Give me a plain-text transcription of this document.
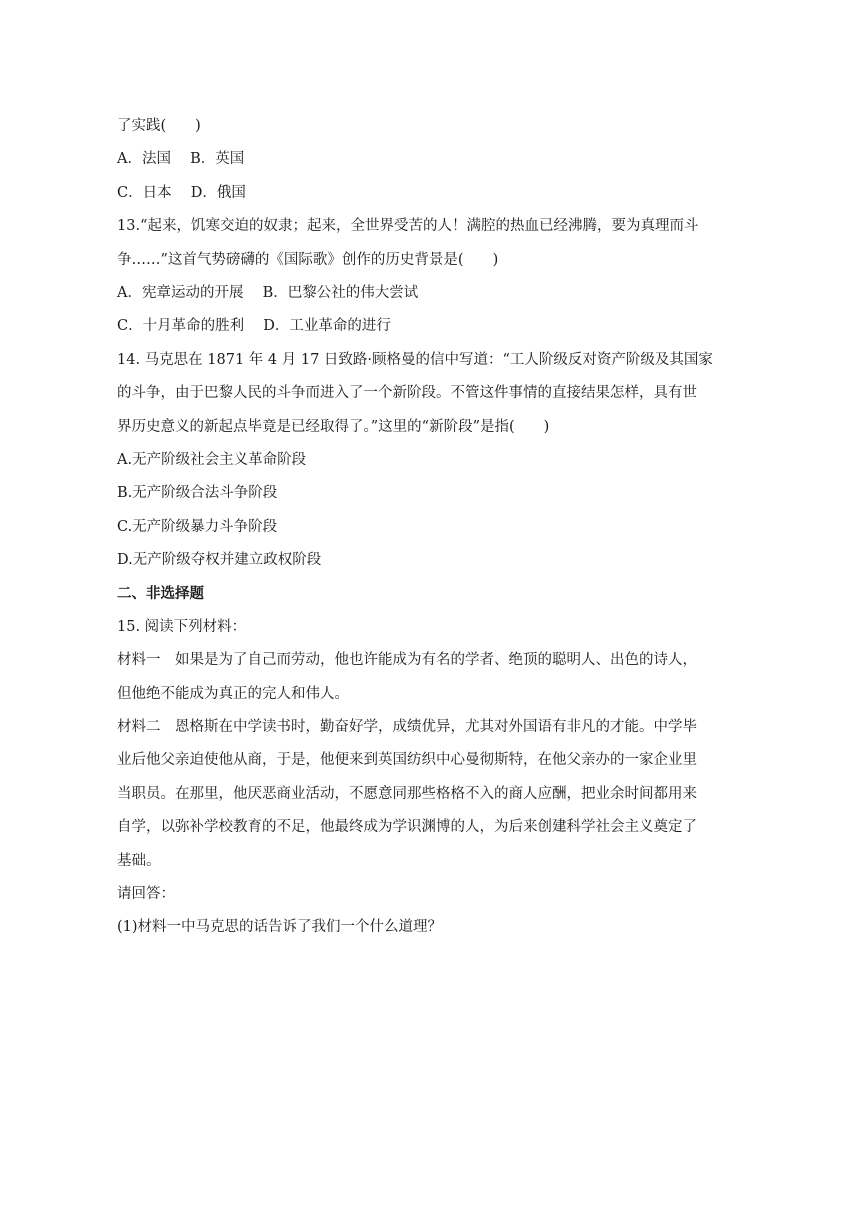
了实践(　　)
A．法国　 B．英国
C．日本　 D．俄国
13.“起来，饥寒交迫的奴隶；起来，全世界受苦的人！满腔的热血已经沸腾，要为真理而斗
争……”这首气势磅礴的《国际歌》创作的历史背景是(　　)
A．宪章运动的开展　 B．巴黎公社的伟大尝试
C．十月革命的胜利　 D．工业革命的进行
14. 马克思在 1871 年 4 月 17 日致路·顾格曼的信中写道：“工人阶级反对资产阶级及其国家
的斗争，由于巴黎人民的斗争而进入了一个新阶段。不管这件事情的直接结果怎样，具有世
界历史意义的新起点毕竟是已经取得了。”这里的“新阶段”是指(　　)
A.无产阶级社会主义革命阶段
B.无产阶级合法斗争阶段
C.无产阶级暴力斗争阶段
D.无产阶级夺权并建立政权阶段
二、非选择题
15. 阅读下列材料：
材料一　如果是为了自己而劳动，他也许能成为有名的学者、绝顶的聪明人、出色的诗人，
但他绝不能成为真正的完人和伟人。
材料二　恩格斯在中学读书时，勤奋好学，成绩优异，尤其对外国语有非凡的才能。中学毕
业后他父亲迫使他从商，于是，他便来到英国纺织中心曼彻斯特，在他父亲办的一家企业里
当职员。在那里，他厌恶商业活动，不愿意同那些格格不入的商人应酬，把业余时间都用来
自学，以弥补学校教育的不足，他最终成为学识渊博的人，为后来创建科学社会主义奠定了
基础。
请回答：
(1)材料一中马克思的话告诉了我们一个什么道理？
